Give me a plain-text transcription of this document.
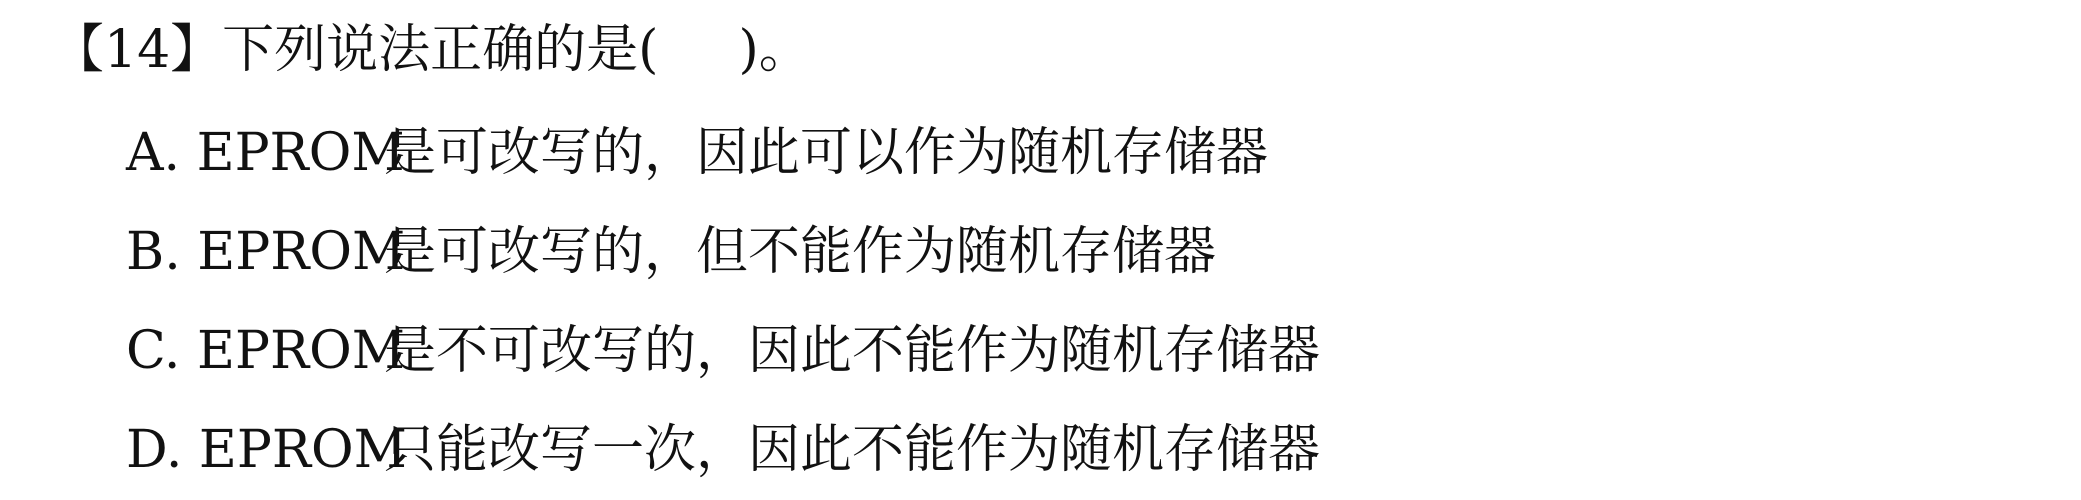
【14】下列说法正确的是( )。
A. EPROM是可改写的，因此可以作为随机存储器
B. EPROM是可改写的，但不能作为随机存储器
C. EPROM是不可改写的，因此不能作为随机存储器
D. EPROM只能改写一次，因此不能作为随机存储器
